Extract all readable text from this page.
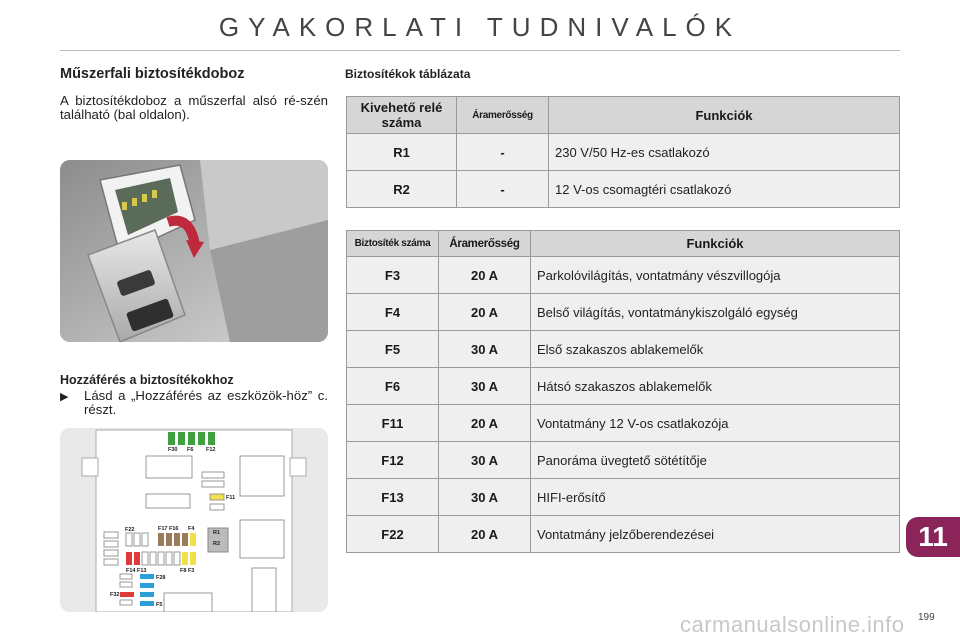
GYAKORLATI TUDNIVALÓK
Műszerfali biztosítékdoboz
A biztosítékdoboz a műszerfal alsó ré-szén található (bal oldalon).
Hozzáférés a biztosítékokhoz
▶	Lásd a „Hozzáférés az eszközök-höz” c. részt.
F30 F6 F12
F11
F22	F17 F16 F4
R1
R2
F14 F13	F8 F3
F28
F32
F5
Biztosítékok táblázata
Kivehető relé száma	Áramerősség	Funkciók
R1	-	230 V/50 Hz-es csatlakozó
R2	-	12 V-os csomagtéri csatlakozó
Biztosíték száma	Áramerősség	Funkciók
F3	20 A	Parkolóvilágítás, vontatmány vészvillogója
F4	20 A	Belső világítás, vontatmánykiszolgáló egység
F5	30 A	Első szakaszos ablakemelők
F6	30 A	Hátsó szakaszos ablakemelők
F11	20 A	Vontatmány 12 V-os csatlakozója
F12	30 A	Panoráma üvegtető sötétítője
F13	30 A	HIFI-erősítő
F22	20 A	Vontatmány jelzőberendezései	11
carmanualsonline.info 199
